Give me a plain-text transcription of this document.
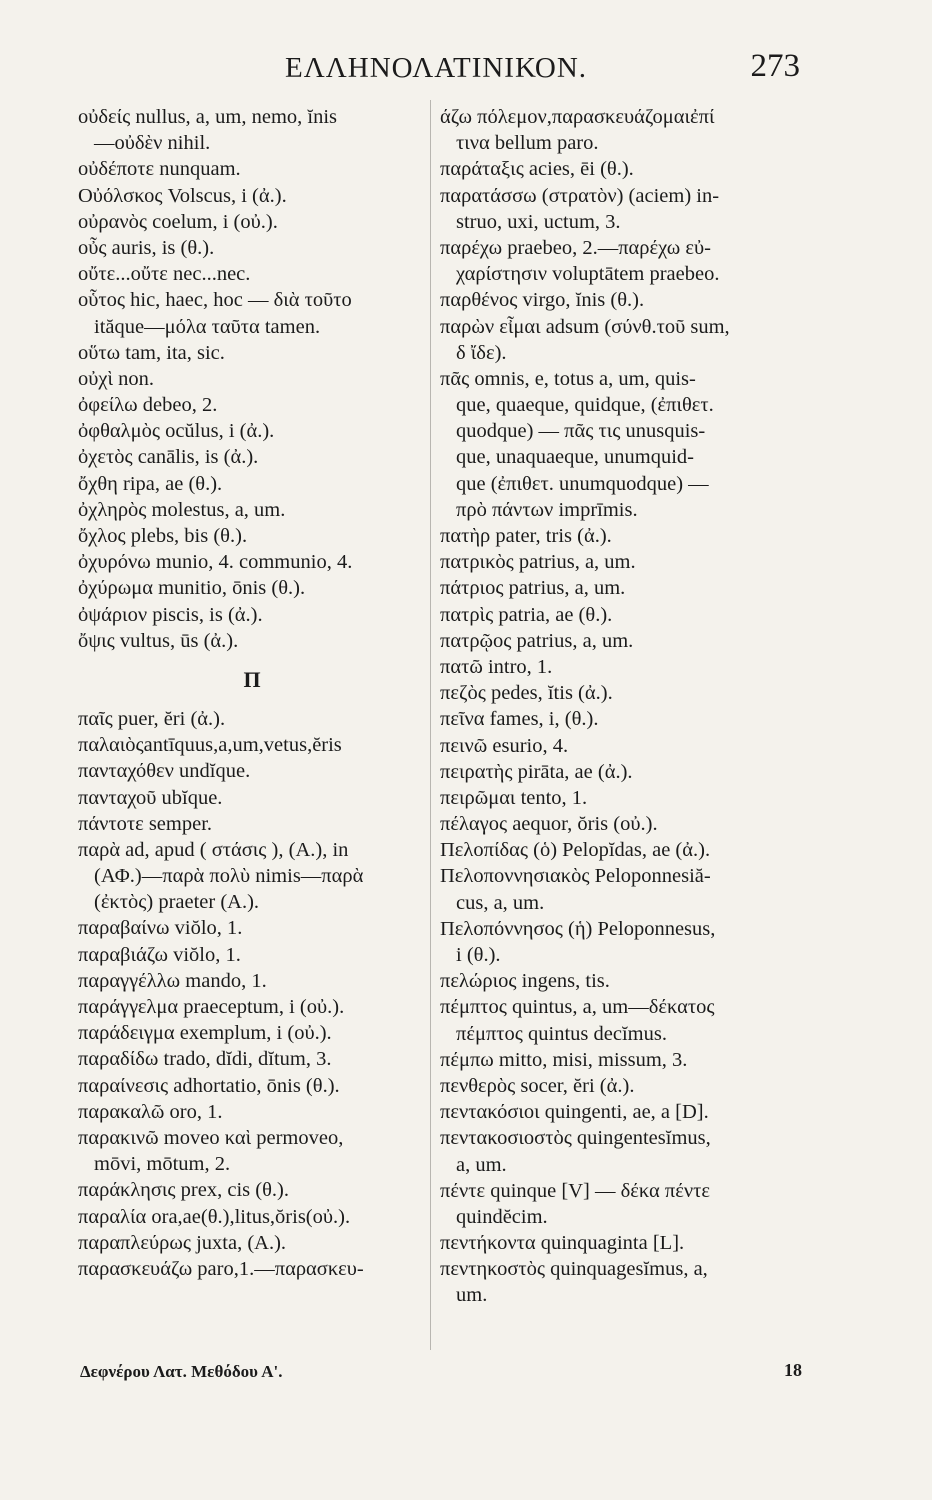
ΕΛΛΗΝΟΛΑΤΙΝΙΚΟΝ.	273
οὐδείς nullus, a, um, nemo, ĭnis
—οὐδὲν nihil.
οὐδέποτε nunquam.
Οὐόλσκος Volscus, i (ἀ.).
οὐρανὸς coelum, i (οὐ.).
οὖς auris, is (θ.).
οὔτε...οὔτε nec...nec.
οὗτος hic, haec, hoc — διὰ τοῦτο
ităque—μόλα ταῦτα tamen.
οὕτω tam, ita, sic.
οὐχὶ non.
ὀφείλω debeo, 2.
ὀφθαλμὸς ocŭlus, i (ἀ.).
ὀχετὸς canālis, is (ἀ.).
ὄχθη ripa, ae (θ.).
ὀχληρὸς molestus, a, um.
ὄχλος plebs, bis (θ.).
ὀχυρόνω munio, 4. communio, 4.
ὀχύρωμα munitio, ōnis (θ.).
ὀψάριον piscis, is (ἀ.).
ὄψις vultus, ūs (ἀ.).
Π
παῖς puer, ĕri (ἀ.).
παλαιὸςantīquus,a,um,vetus,ĕris
πανταχόθεν undĭque.
πανταχοῦ ubĭque.
πάντοτε semper.
παρὰ ad, apud ( στάσις ), (Α.), in
(ΑΦ.)—παρὰ πολὺ nimis—παρὰ
(ἐκτὸς) praeter (Α.).
παραβαίνω viŏlo, 1.
παραβιάζω viŏlo, 1.
παραγγέλλω mando, 1.
παράγγελμα praeceptum, i (οὐ.).
παράδειγμα exemplum, i (οὐ.).
παραδίδω trado, dĭdi, dĭtum, 3.
παραίνεσις adhortatio, ōnis (θ.).
παρακαλῶ oro, 1.
παρακινῶ moveo καὶ permoveo,
mōvi, mōtum, 2.
παράκλησις prex, cis (θ.).
παραλία ora,ae(θ.),litus,ŏris(οὐ.).
παραπλεύρως juxta, (Α.).
παρασκευάζω paro,1.—παρασκευ-
άζω πόλεμον,παρασκευάζομαιἐπί
τινα bellum paro.
παράταξις acies, ēi (θ.).
παρατάσσω (στρατὸν) (aciem) in-
struo, uxi, uctum, 3.
παρέχω praebeo, 2.—παρέχω εὐ-
χαρίστησιν voluptātem praebeo.
παρθένος virgo, ĭnis (θ.).
παρὼν εἶμαι adsum (σύνθ.τοῦ sum,
δ ἴδε).
πᾶς omnis, e, totus a, um, quis-
que, quaeque, quidque, (ἐπιθετ.
quodque) — πᾶς τις unusquis-
que, unaquaeque, unumquid-
que (ἐπιθετ. unumquodque) —
πρὸ πάντων imprīmis.
πατὴρ pater, tris (ἀ.).
πατρικὸς patrius, a, um.
πάτριος patrius, a, um.
πατρὶς patria, ae (θ.).
πατρῷος patrius, a, um.
πατῶ intro, 1.
πεζὸς pedes, ĭtis (ἀ.).
πεῖνα fames, i, (θ.).
πεινῶ esurio, 4.
πειρατὴς pirāta, ae (ἀ.).
πειρῶμαι tento, 1.
πέλαγος aequor, ŏris (οὐ.).
Πελοπίδας (ὁ) Pelopĭdas, ae (ἀ.).
Πελοποννησιακὸς Peloponnesiă-
cus, a, um.
Πελοπόννησος (ἡ) Peloponnesus,
i (θ.).
πελώριος ingens, tis.
πέμπτος quintus, a, um—δέκατος
πέμπτος quintus decĭmus.
πέμπω mitto, misi, missum, 3.
πενθερὸς socer, ĕri (ἀ.).
πεντακόσιοι quingenti, ae, a [D].
πεντακοσιοστὸς quingentesĭmus,
a, um.
πέντε quinque [V] — δέκα πέντε
quindĕcim.
πεντήκοντα quinquaginta [L].
πεντηκοστὸς quinquagesĭmus, a,
um.
Δεφνέρου Λατ. Μεθόδου Α'.	18
